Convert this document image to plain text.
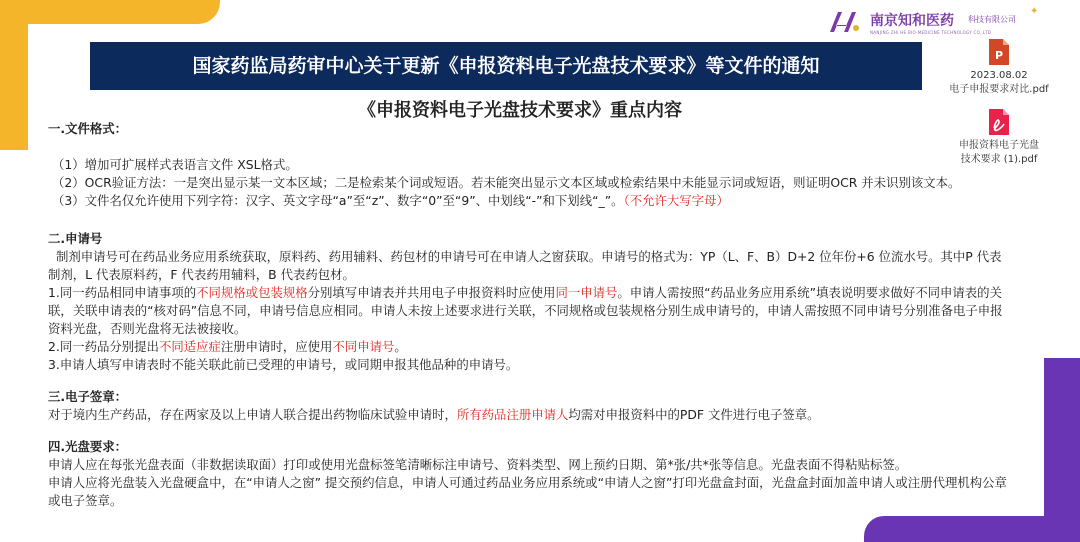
南京知和医药 科技有限公司
NANJING ZHI HE BIO-MEDICINE TECHNOLOGY CO.,LTD
✦
国家药监局药审中心关于更新《申报资料电子光盘技术要求》等文件的通知
《申报资料电子光盘技术要求》重点内容
P
2023.08.02
电子申报要求对比.pdf
申报资料电子光盘
技术要求 (1).pdf

一.文件格式：

（1）增加可扩展样式表语言文件 XSL格式。

（2）OCR验证方法：一是突出显示某一文本区域；二是检索某个词或短语。若未能突出显示文本区域或检索结果中未能显示词或短语，则证明OCR 并未识别该文本。

（3）文件名仅允许使用下列字符：汉字、英文字母“a”至“z”、数字“0”至“9”、中划线“-”和下划线“_”。（不允许大写字母）

二.申请号

制剂申请号可在药品业务应用系统获取，原料药、药用辅料、药包材的申请号可在申请人之窗获取。申请号的格式为：YP（L、F、B）D+2 位年份+6 位流水号。其中P 代表制剂，L 代表原料药，F 代表药用辅料，B 代表药包材。

1.同一药品相同申请事项的不同规格或包装规格分别填写申请表并共用电子申报资料时应使用同一申请号。申请人需按照“药品业务应用系统”填表说明要求做好不同申请表的关联，关联申请表的“核对码”信息不同，申请号信息应相同。申请人未按上述要求进行关联，不同规格或包装规格分别生成申请号的，申请人需按照不同申请号分别准备电子申报资料光盘，否则光盘将无法被接收。

2.同一药品分别提出不同适应症注册申请时，应使用不同申请号。

3.申请人填写申请表时不能关联此前已受理的申请号，或同期申报其他品种的申请号。

三.电子签章：

对于境内生产药品，存在两家及以上申请人联合提出药物临床试验申请时，所有药品注册申请人均需对申报资料中的PDF 文件进行电子签章。

四.光盘要求：

申请人应在每张光盘表面（非数据读取面）打印或使用光盘标签笔清晰标注申请号、资料类型、网上预约日期、第*张/共*张等信息。光盘表面不得粘贴标签。

申请人应将光盘装入光盘硬盒中，在“申请人之窗” 提交预约信息，申请人可通过药品业务应用系统或“申请人之窗”打印光盘盒封面，光盘盒封面加盖申请人或注册代理机构公章或电子签章。
